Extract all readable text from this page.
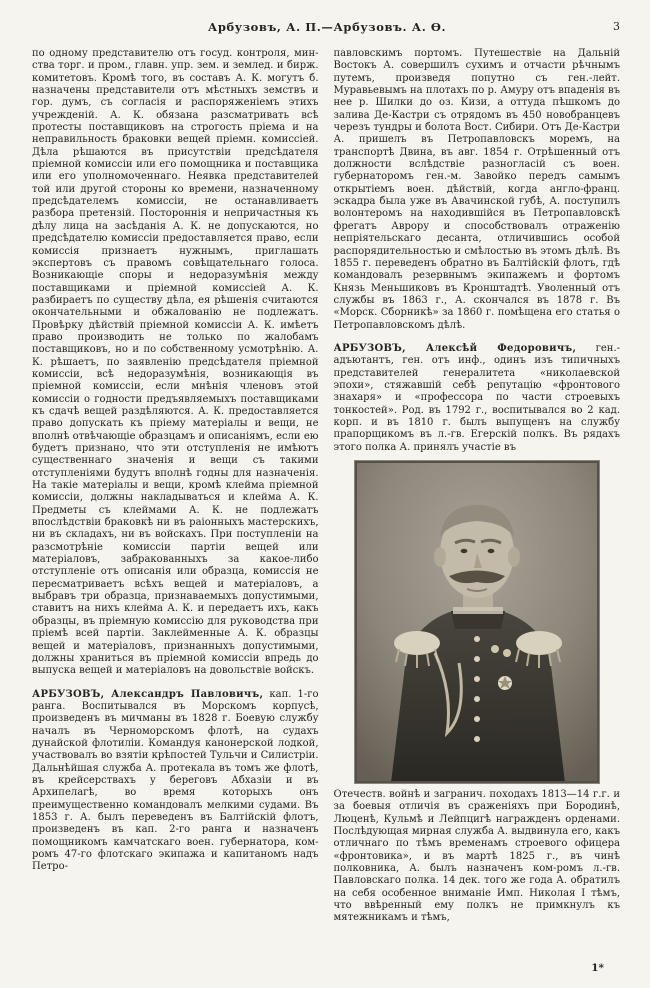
Арбузовъ, А. П.—Арбузовъ. А. Ѳ.	3

по одному представителю отъ госуд. контроля, мин-ства торг. и пром., главн. упр. зем. и землед. и бирж. комитетовъ. Кромѣ того, въ составъ А. К. могутъ б. назначены представители отъ мѣстныхъ земствъ и гор. думъ, съ согласія и распоряженіемъ этихъ учрежденій. А. К. обязана разсматривать всѣ протесты поставщиковъ на строгость пріема и на неправильность браковки вещей пріемн. комиссіей. Дѣла рѣшаются въ присутствіи предсѣдателя пріемной комиссіи или его помощника и поставщика или его уполномоченнаго. Неявка представителей той или другой стороны ко времени, назначенному предсѣдателемъ комиссіи, не останавливаетъ разбора претензій. Постороннія и непричастныя къ дѣлу лица на засѣданія А. К. не допускаются, но предсѣдателю комиссіи предоставляется право, если комиссія признаетъ нужнымъ, приглашать экспертовъ съ правомъ совѣщательнаго голоса. Возникающіе споры и недоразумѣнія между поставщиками и пріемной комиссіей А. К. разбираетъ по существу дѣла, ея рѣшенія считаются окончательными и обжалованію не подлежатъ. Провѣрку дѣйствій пріемной комиссіи А. К. имѣетъ право производить не только по жалобамъ поставщиковъ, но и по собственному усмотрѣнію. А. К. рѣшаетъ, по заявленію предсѣдателя пріемной комиссіи, всѣ недоразумѣнія, возникающія въ пріемной комиссіи, если мнѣнія членовъ этой комиссіи о годности предъявляемыхъ поставщиками къ сдачѣ вещей раздѣляются. А. К. предоставляется право допускать къ пріему матеріалы и вещи, не вполнѣ отвѣчающіе образцамъ и описаніямъ, если ею будетъ признано, что эти отступленія не имѣютъ существеннаго значенія и вещи съ такими отступленіями будутъ вполнѣ годны для назначенія. На такіе матеріалы и вещи, кромѣ клейма пріемной комиссіи, должны накладываться и клейма А. К. Предметы съ клеймами А. К. не подлежатъ впослѣдствіи браковкѣ ни въ раіонныхъ мастерскихъ, ни въ складахъ, ни въ войскахъ. При поступленіи на разсмотрѣніе комиссіи партіи вещей или матеріаловъ, забракованныхъ за какое-либо отступленіе отъ описанія или образца, комиссія не пересматриваетъ всѣхъ вещей и матеріаловъ, а выбравъ три образца, признаваемыхъ допустимыми, ставитъ на нихъ клейма А. К. и передаетъ ихъ, какъ образцы, въ пріемную комиссію для руководства при пріемѣ всей партіи. Заклейменные А. К. образцы вещей и матеріаловъ, признанныхъ допустимыми, должны храниться въ пріемной комиссіи впредь до выпуска вещей и матеріаловъ на довольствіе войскъ.

АРБУЗОВЪ, Александръ Павловичъ, кап. 1-го ранга. Воспитывался въ Морскомъ корпусѣ, произведенъ въ мичманы въ 1828 г. Боевую службу началъ въ Черноморскомъ флотѣ, на судахъ дунайской флотиліи. Командуя канонерской лодкой, участвовалъ во взятіи крѣпостей Тульчи и Силистріи. Дальнѣйшая служба А. протекала въ томъ же флотѣ, въ крейсерствахъ у береговъ Абхазіи и въ Архипелагѣ, во время которыхъ онъ преимущественно командовалъ мелкими судами. Въ 1853 г. А. былъ переведенъ въ Балтійскій флотъ, произведенъ въ кап. 2-го ранга и назначенъ помощникомъ камчатскаго воен. губернатора, ком-ромъ 47-го флотскаго экипажа и капитаномъ надъ Петро-

павловскимъ портомъ. Путешествіе на Дальній Востокъ А. совершилъ сухимъ и отчасти рѣчнымъ путемъ, произведя попутно съ ген.-лейт. Муравьевымъ на плотахъ по р. Амуру отъ впаденія въ нее р. Шилки до оз. Кизи, а оттуда пѣшкомъ до залива Де-Кастри съ отрядомъ въ 450 новобранцевъ черезъ тундры и болота Вост. Сибири. Отъ Де-Кастри А. пришелъ въ Петропавловскъ моремъ, на транспортѣ Двина, въ авг. 1854 г. Отрѣшенный отъ должности вслѣдствіе разногласій съ воен. губернаторомъ ген.-м. Завойко передъ самымъ открытіемъ воен. дѣйствій, когда англо-франц. эскадра была уже въ Авачинской губѣ, А. поступилъ волонтеромъ на находившійся въ Петропавловскѣ фрегатъ Аврору и способствовалъ отраженію непріятельскаго десанта, отличившись особой распорядительностью и смѣлостью въ этомъ дѣлѣ. Въ 1855 г. переведенъ обратно въ Балтійскій флотъ, гдѣ командовалъ резервнымъ экипажемъ и фортомъ Князь Меньшиковъ въ Кронштадтѣ. Уволенный отъ службы въ 1863 г., А. скончался въ 1878 г. Въ «Морск. Сборникѣ» за 1860 г. помѣщена его статья о Петропавловскомъ дѣлѣ.

АРБУЗОВЪ, Алексѣй Федоровичъ, ген.-адъютантъ, ген. отъ инф., одинъ изъ типичныхъ представителей генералитета «николаевской эпохи», стяжавшій себѣ репутацію «фронтового знахаря» и «профессора по части строевыхъ тонкостей». Род. въ 1792 г., воспитывался во 2 кад. корп. и въ 1810 г. былъ выпущенъ на службу прапорщикомъ въ л.-гв. Егерскій полкъ. Въ рядахъ этого полка А. принялъ участіе въ

Отечеств. войнѣ и загранич. походахъ 1813—14 г.г. и за боевыя отличія въ сраженіяхъ при Бородинѣ, Люценѣ, Кульмѣ и Лейпцигѣ награжденъ орденами. Послѣдующая мирная служба А. выдвинула его, какъ отличнаго по тѣмъ временамъ строевого офицера «фронтовика», и въ мартѣ 1825 г., въ чинѣ полковника, А. былъ назначенъ ком-ромъ л.-гв. Павловскаго полка. 14 дек. того же года А. обратилъ на себя особенное вниманіе Имп. Николая I тѣмъ, что ввѣренный ему полкъ не примкнулъ къ мятежникамъ и тѣмъ,

1*
